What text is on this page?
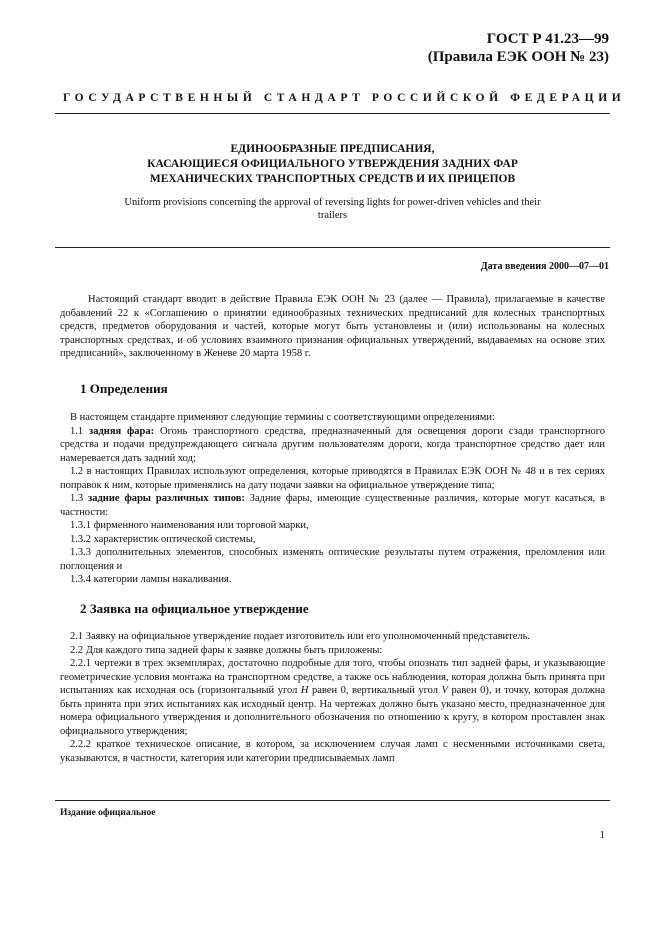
ГОСТ Р 41.23—99
(Правила ЕЭК ООН № 23)
ГОСУДАРСТВЕННЫЙ СТАНДАРТ РОССИЙСКОЙ ФЕДЕРАЦИИ
ЕДИНООБРАЗНЫЕ ПРЕДПИСАНИЯ,
КАСАЮЩИЕСЯ ОФИЦИАЛЬНОГО УТВЕРЖДЕНИЯ ЗАДНИХ ФАР
МЕХАНИЧЕСКИХ ТРАНСПОРТНЫХ СРЕДСТВ И ИХ ПРИЦЕПОВ
Uniform provisions concerning the approval of reversing lights for power-driven vehicles and their trailers
Дата введения 2000—07—01

Настоящий стандарт вводит в действие Правила ЕЭК ООН № 23 (далее — Правила), прилагаемые в качестве добавлений 22 к «Соглашению о принятии единообразных технических предписаний для колесных транспортных средств, предметов оборудования и частей, которые могут быть установлены и (или) использованы на колесных транспортных средствах, и об условиях взаимного признания официальных утверждений, выдаваемых на основе этих предписаний», заключенному в Женеве 20 марта 1958 г.

1 Определения

В настоящем стандарте применяют следующие термины с соответствующими определениями:

1.1 задняя фара: Огонь транспортного средства, предназначенный для освещения дороги сзади транспортного средства и подачи предупреждающего сигнала другим пользователям дороги, когда транспортное средство дает или намеревается дать задний ход;

1.2 в настоящих Правилах используют определения, которые приводятся в Правилах ЕЭК ООН № 48 и в тех сериях поправок к ним, которые применялись на дату подачи заявки на официальное утверждение типа;

1.3 задние фары различных типов: Задние фары, имеющие существенные различия, которые могут касаться, в частности:

1.3.1 фирменного наименования или торговой марки,

1.3.2 характеристик оптической системы,

1.3.3 дополнительных элементов, способных изменять оптические результаты путем отражения, преломления или поглощения и

1.3.4 категории лампы накаливания.

2 Заявка на официальное утверждение

2.1 Заявку на официальное утверждение подает изготовитель или его уполномоченный представитель.

2.2 Для каждого типа задней фары к заявке должны быть приложены:

2.2.1 чертежи в трех экземплярах, достаточно подробные для того, чтобы опознать тип задней фары, и указывающие геометрические условия монтажа на транспортном средстве, а также ось наблюдения, которая должна быть принята при испытаниях как исходная ось (горизонтальный угол H равен 0, вертикальный угол V равен 0), и точку, которая должна быть принята при этих испытаниях как исходный центр. На чертежах должно быть указано место, предназначенное для номера официального утверждения и дополнительного обозначения по отношению к кругу, в котором проставлен знак официального утверждения;

2.2.2 краткое техническое описание, в котором, за исключением случая ламп с несменными источниками света, указываются, в частности, категория или категории предписываемых ламп

Издание официальное
1
